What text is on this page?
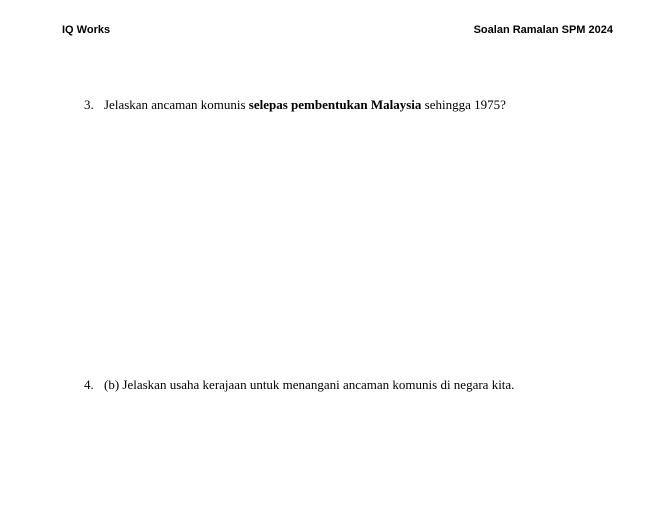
IQ Works	Soalan Ramalan SPM 2024
3. Jelaskan ancaman komunis selepas pembentukan Malaysia sehingga 1975?
4. (b) Jelaskan usaha kerajaan untuk menangani ancaman komunis di negara kita.
